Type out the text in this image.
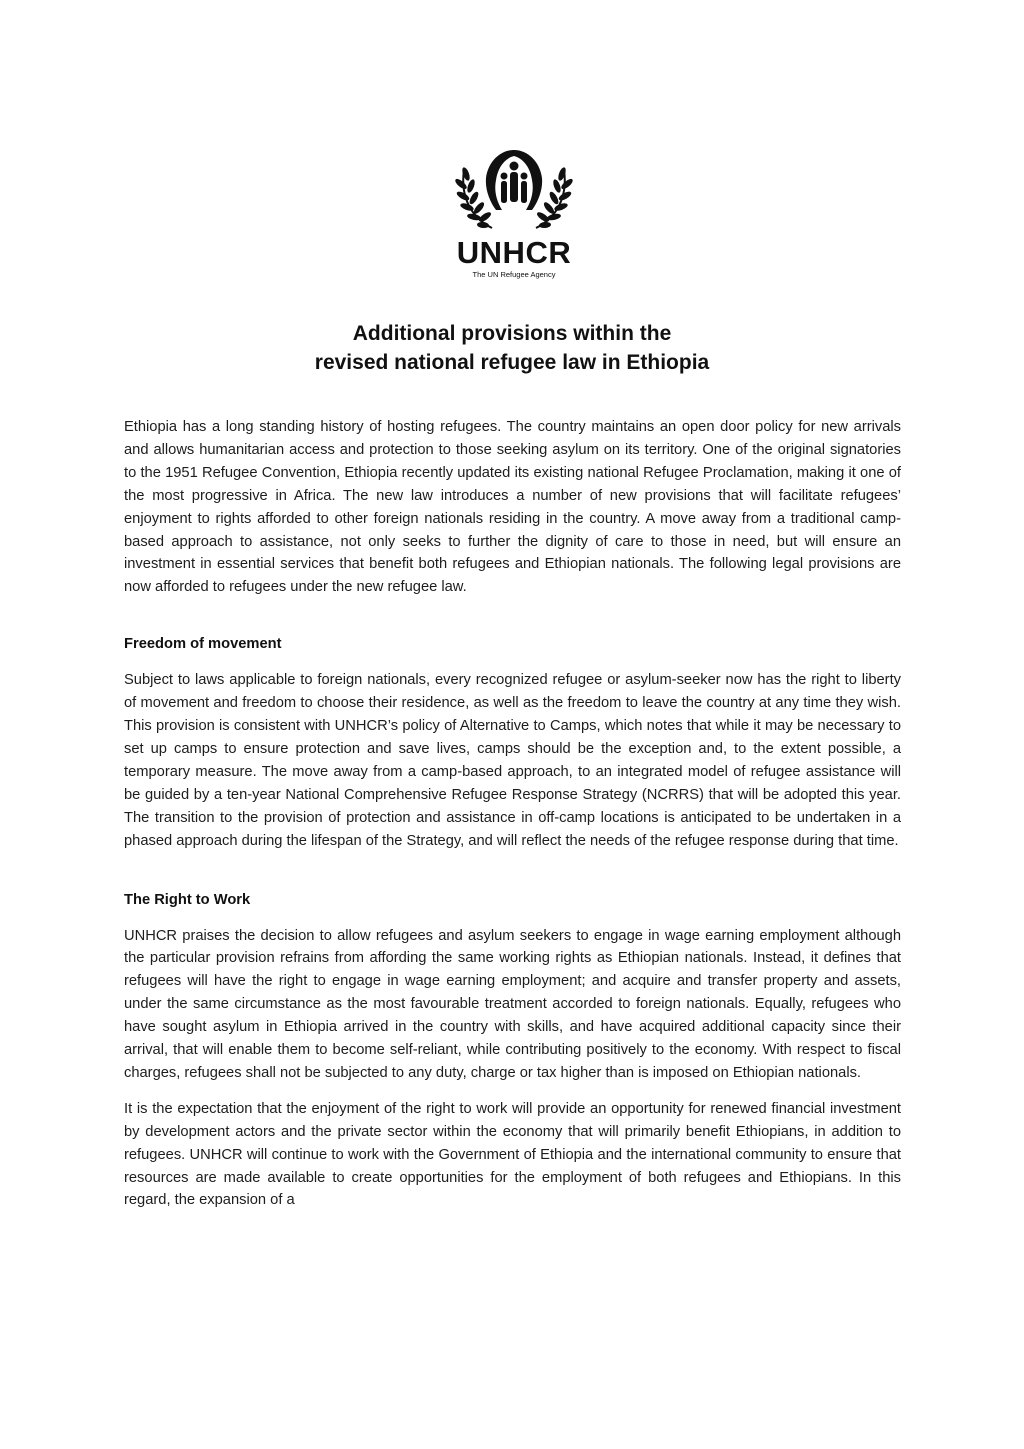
UNHCR
The UN Refugee Agency
Additional provisions within the
revised national refugee law in Ethiopia

Ethiopia has a long standing history of hosting refugees. The country maintains an open door policy for new arrivals and allows humanitarian access and protection to those seeking asylum on its territory. One of the original signatories to the 1951 Refugee Convention, Ethiopia recently updated its existing national Refugee Proclamation, making it one of the most progressive in Africa. The new law introduces a number of new provisions that will facilitate refugees’ enjoyment to rights afforded to other foreign nationals residing in the country. A move away from a traditional camp-based approach to assistance, not only seeks to further the dignity of care to those in need, but will ensure an investment in essential services that benefit both refugees and Ethiopian nationals. The following legal provisions are now afforded to refugees under the new refugee law.

Freedom of movement

Subject to laws applicable to foreign nationals, every recognized refugee or asylum-seeker now has the right to liberty of movement and freedom to choose their residence, as well as the freedom to leave the country at any time they wish. This provision is consistent with UNHCR’s policy of Alternative to Camps, which notes that while it may be necessary to set up camps to ensure protection and save lives, camps should be the exception and, to the extent possible, a temporary measure. The move away from a camp-based approach, to an integrated model of refugee assistance will be guided by a ten-year National Comprehensive Refugee Response Strategy (NCRRS) that will be adopted this year. The transition to the provision of protection and assistance in off-camp locations is anticipated to be undertaken in a phased approach during the lifespan of the Strategy, and will reflect the needs of the refugee response during that time.

The Right to Work

UNHCR praises the decision to allow refugees and asylum seekers to engage in wage earning employment although the particular provision refrains from affording the same working rights as Ethiopian nationals. Instead, it defines that refugees will have the right to engage in wage earning employment; and acquire and transfer property and assets, under the same circumstance as the most favourable treatment accorded to foreign nationals. Equally, refugees who have sought asylum in Ethiopia arrived in the country with skills, and have acquired additional capacity since their arrival, that will enable them to become self-reliant, while contributing positively to the economy. With respect to fiscal charges, refugees shall not be subjected to any duty, charge or tax higher than is imposed on Ethiopian nationals.

It is the expectation that the enjoyment of the right to work will provide an opportunity for renewed financial investment by development actors and the private sector within the economy that will primarily benefit Ethiopians, in addition to refugees. UNHCR will continue to work with the Government of Ethiopia and the international community to ensure that resources are made available to create opportunities for the employment of both refugees and Ethiopians. In this regard, the expansion of a
